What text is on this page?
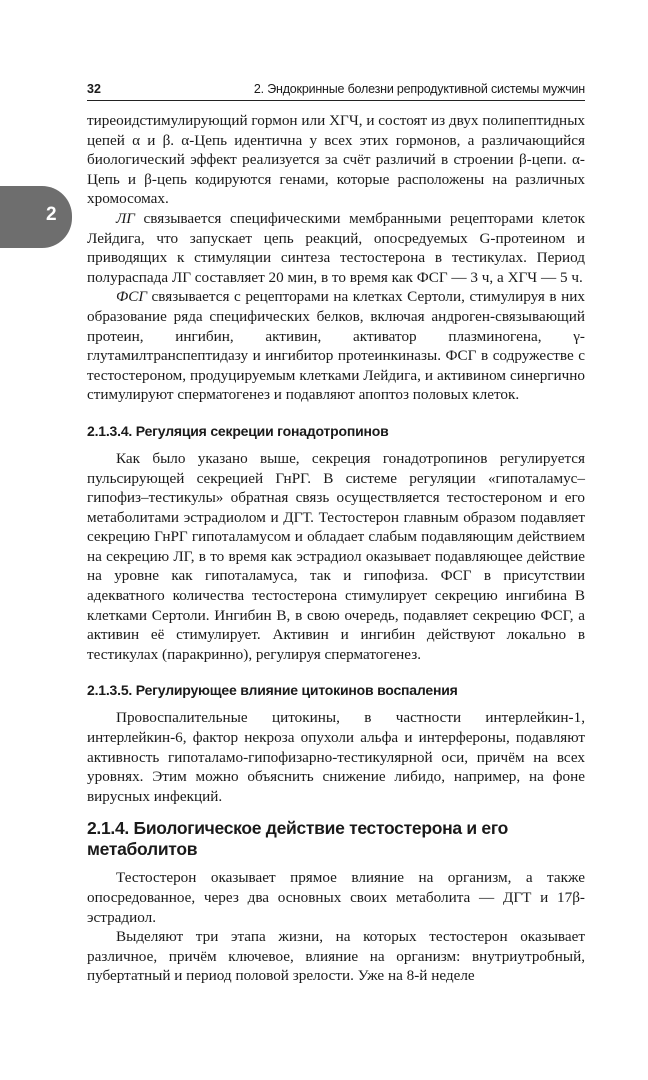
32	2. Эндокринные болезни репродуктивной системы мужчин
2

тиреоидстимулирующий гормон или ХГЧ, и состоят из двух полипептидных цепей α и β. α-Цепь идентична у всех этих гормонов, а различающийся биологический эффект реализуется за счёт различий в строении β-цепи. α-Цепь и β-цепь кодируются генами, которые расположены на различных хромосомах.

ЛГ связывается специфическими мембранными рецепторами клеток Лейдига, что запускает цепь реакций, опосредуемых G-протеином и приводящих к стимуляции синтеза тестостерона в тестикулах. Период полураспада ЛГ составляет 20 мин, в то время как ФСГ — 3 ч, а ХГЧ — 5 ч.

ФСГ связывается с рецепторами на клетках Сертоли, стимулируя в них образование ряда специфических белков, включая андроген-связывающий протеин, ингибин, активин, активатор плазминогена, γ-глутамилтранспептидазу и ингибитор протеинкиназы. ФСГ в содружестве с тестостероном, продуцируемым клетками Лейдига, и активином синергично стимулируют сперматогенез и подавляют апоптоз половых клеток.

2.1.3.4. Регуляция секреции гонадотропинов

Как было указано выше, секреция гонадотропинов регулируется пульсирующей секрецией ГнРГ. В системе регуляции «гипоталамус–гипофиз–тестикулы» обратная связь осуществляется тестостероном и его метаболитами эстрадиолом и ДГТ. Тестостерон главным образом подавляет секрецию ГнРГ гипоталамусом и обладает слабым подавляющим действием на секрецию ЛГ, в то время как эстрадиол оказывает подавляющее действие на уровне как гипоталамуса, так и гипофиза. ФСГ в присутствии адекватного количества тестостерона стимулирует секрецию ингибина В клетками Сертоли. Ингибин В, в свою очередь, подавляет секрецию ФСГ, а активин её стимулирует. Активин и ингибин действуют локально в тестикулах (паракринно), регулируя сперматогенез.

2.1.3.5. Регулирующее влияние цитокинов воспаления

Провоспалительные цитокины, в частности интерлейкин-1, интерлейкин-6, фактор некроза опухоли альфа и интерфероны, подавляют активность гипоталамо-гипофизарно-тестикулярной оси, причём на всех уровнях. Этим можно объяснить снижение либидо, например, на фоне вирусных инфекций.

2.1.4. Биологическое действие тестостерона и его метаболитов

Тестостерон оказывает прямое влияние на организм, а также опосредованное, через два основных своих метаболита — ДГТ и 17β-эстрадиол.

Выделяют три этапа жизни, на которых тестостерон оказывает различное, причём ключевое, влияние на организм: внутриутробный, пубертатный и период половой зрелости. Уже на 8-й неделе
